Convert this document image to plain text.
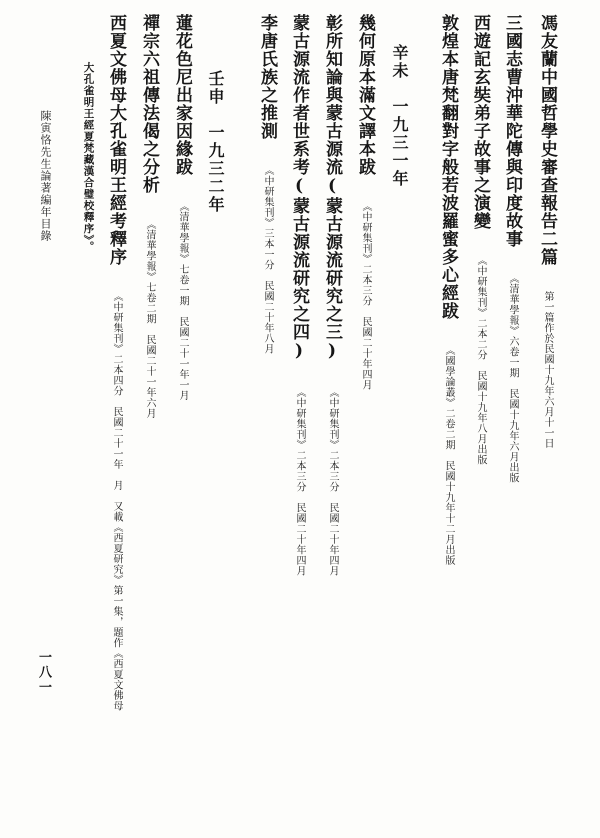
馮友蘭中國哲學史審查報告二篇 第一篇作於民國十九年六月十一日
三國志曹沖華陀傳與印度故事 《清華學報》六卷一期　民國十九年六月出版
西遊記玄奘弟子故事之演變 《中研集刊》二本二分　民國十九年八月出版
敦煌本唐梵翻對字般若波羅蜜多心經跋 《國學論叢》二卷二期　民國十九年十二月出版
辛未　一九三一年
幾何原本滿文譯本跋 《中研集刊》二本三分　民國二十年四月
彰所知論與蒙古源流(蒙古源流研究之三) 《中研集刊》二本三分　民國二十年四月
蒙古源流作者世系考(蒙古源流研究之四) 《中研集刊》二本三分　民國二十年四月
李唐氏族之推測 《中研集刊》三本一分　民國二十年八月
壬申　一九三二年
蓮花色尼出家因緣跋 《清華學報》七卷一期　民國二十一年一月
禪宗六祖傳法偈之分析 《清華學報》七卷二期　民國二十一年六月
西夏文佛母大孔雀明王經考釋序 《中研集刊》二本四分　民國二十一年　月　又載《西夏研究》第一集，題作《西夏文佛母
大孔雀明王經夏梵藏漢合璧校釋序》。
陳寅恪先生論著編年目錄
一八一
